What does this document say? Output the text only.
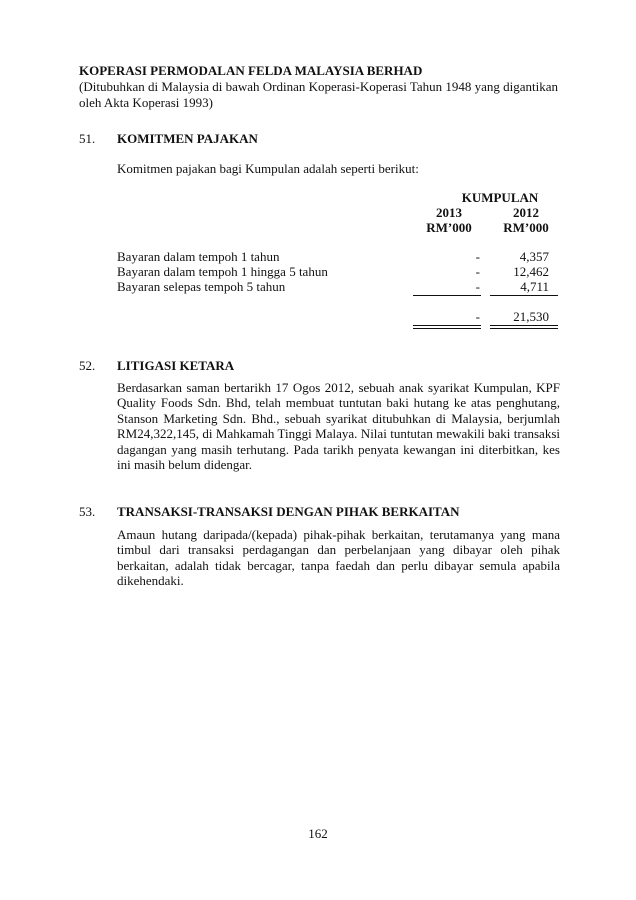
KOPERASI PERMODALAN FELDA MALAYSIA BERHAD
(Ditubuhkan di Malaysia di bawah Ordinan Koperasi-Koperasi Tahun 1948 yang digantikan oleh Akta Koperasi 1993)
51. KOMITMEN PAJAKAN
Komitmen pajakan bagi Kumpulan adalah seperti berikut:
KUMPULAN
2013	2012
RM’000	RM’000
Bayaran dalam tempoh 1 tahun	-	4,357
Bayaran dalam tempoh 1 hingga 5 tahun	-	12,462
Bayaran selepas tempoh 5 tahun	-	4,711
-	21,530
52. LITIGASI KETARA
Berdasarkan saman bertarikh 17 Ogos 2012, sebuah anak syarikat Kumpulan, KPF Quality Foods Sdn. Bhd, telah membuat tuntutan baki hutang ke atas penghutang, Stanson Marketing Sdn. Bhd., sebuah syarikat ditubuhkan di Malaysia, berjumlah RM24,322,145, di Mahkamah Tinggi Malaya. Nilai tuntutan mewakili baki transaksi dagangan yang masih terhutang. Pada tarikh penyata kewangan ini diterbitkan, kes ini masih belum didengar.
53. TRANSAKSI-TRANSAKSI DENGAN PIHAK BERKAITAN
Amaun hutang daripada/(kepada) pihak-pihak berkaitan, terutamanya yang mana timbul dari transaksi perdagangan dan perbelanjaan yang dibayar oleh pihak berkaitan, adalah tidak bercagar, tanpa faedah dan perlu dibayar semula apabila dikehendaki.
162
